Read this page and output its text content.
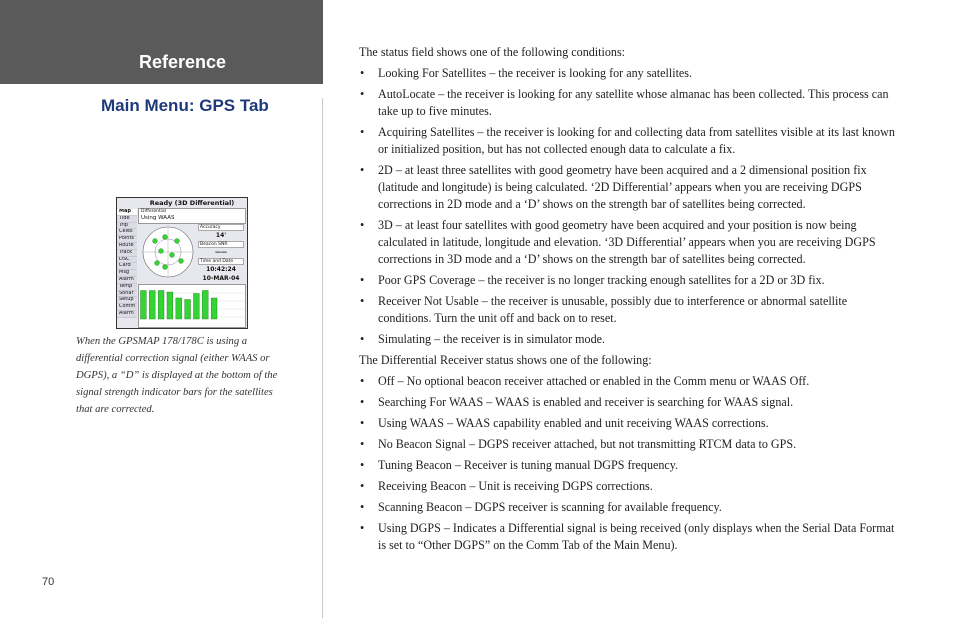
Reference
Main Menu: GPS Tab
Ready (3D Differential)
Map
Tide
Trip
Celes
Points
Route
Track
DSC
Card
Msg
Alarm
Temp
Sonar
Setup
Comm
Alarm
Differential
Using WAAS
Accuracy
14'
Beacon SNR
——
Time and Date
10:42:24
10-MAR-04
When the GPSMAP 178/178C is using a differential correction signal (either WAAS or DGPS), a “D” is displayed at the bottom of the signal strength indicator bars for the satellites that are corrected.
70

The status field shows one of the following conditions:

• Looking For Satellites – the receiver is looking for any satellites.
• AutoLocate – the receiver is looking for any satellite whose almanac has been collected. This process can take up to five minutes.
• Acquiring Satellites – the receiver is looking for and collecting data from satellites visible at its last known or initialized position, but has not collected enough data to calculate a fix.
• 2D – at least three satellites with good geometry have been acquired and a 2 dimensional position fix (latitude and longitude) is being calculated. ‘2D Differential’ appears when you are receiving DGPS corrections in 2D mode and a ‘D’ shows on the strength bar of satellites being corrected.
• 3D – at least four satellites with good geometry have been acquired and your position is now being calculated in latitude, longitude and elevation. ‘3D Differential’ appears when you are receiving DGPS corrections in 3D mode and a ‘D’ shows on the strength bar of satellites being corrected.
• Poor GPS Coverage – the receiver is no longer tracking enough satellites for a 2D or 3D fix.
• Receiver Not Usable – the receiver is unusable, possibly due to interference or abnormal satellite conditions. Turn the unit off and back on to reset.
• Simulating – the receiver is in simulator mode.

The Differential Receiver status shows one of the following:

• Off – No optional beacon receiver attached or enabled in the Comm menu or WAAS Off.
• Searching For WAAS – WAAS is enabled and receiver is searching for WAAS signal.
• Using WAAS – WAAS capability enabled and unit receiving WAAS corrections.
• No Beacon Signal – DGPS receiver attached, but not transmitting RTCM data to GPS.
• Tuning Beacon – Receiver is tuning manual DGPS frequency.
• Receiving Beacon – Unit is receiving DGPS corrections.
• Scanning Beacon – DGPS receiver is scanning for available frequency.
• Using DGPS – Indicates a Differential signal is being received (only displays when the Serial Data Format is set to “Other DGPS” on the Comm Tab of the Main Menu).
